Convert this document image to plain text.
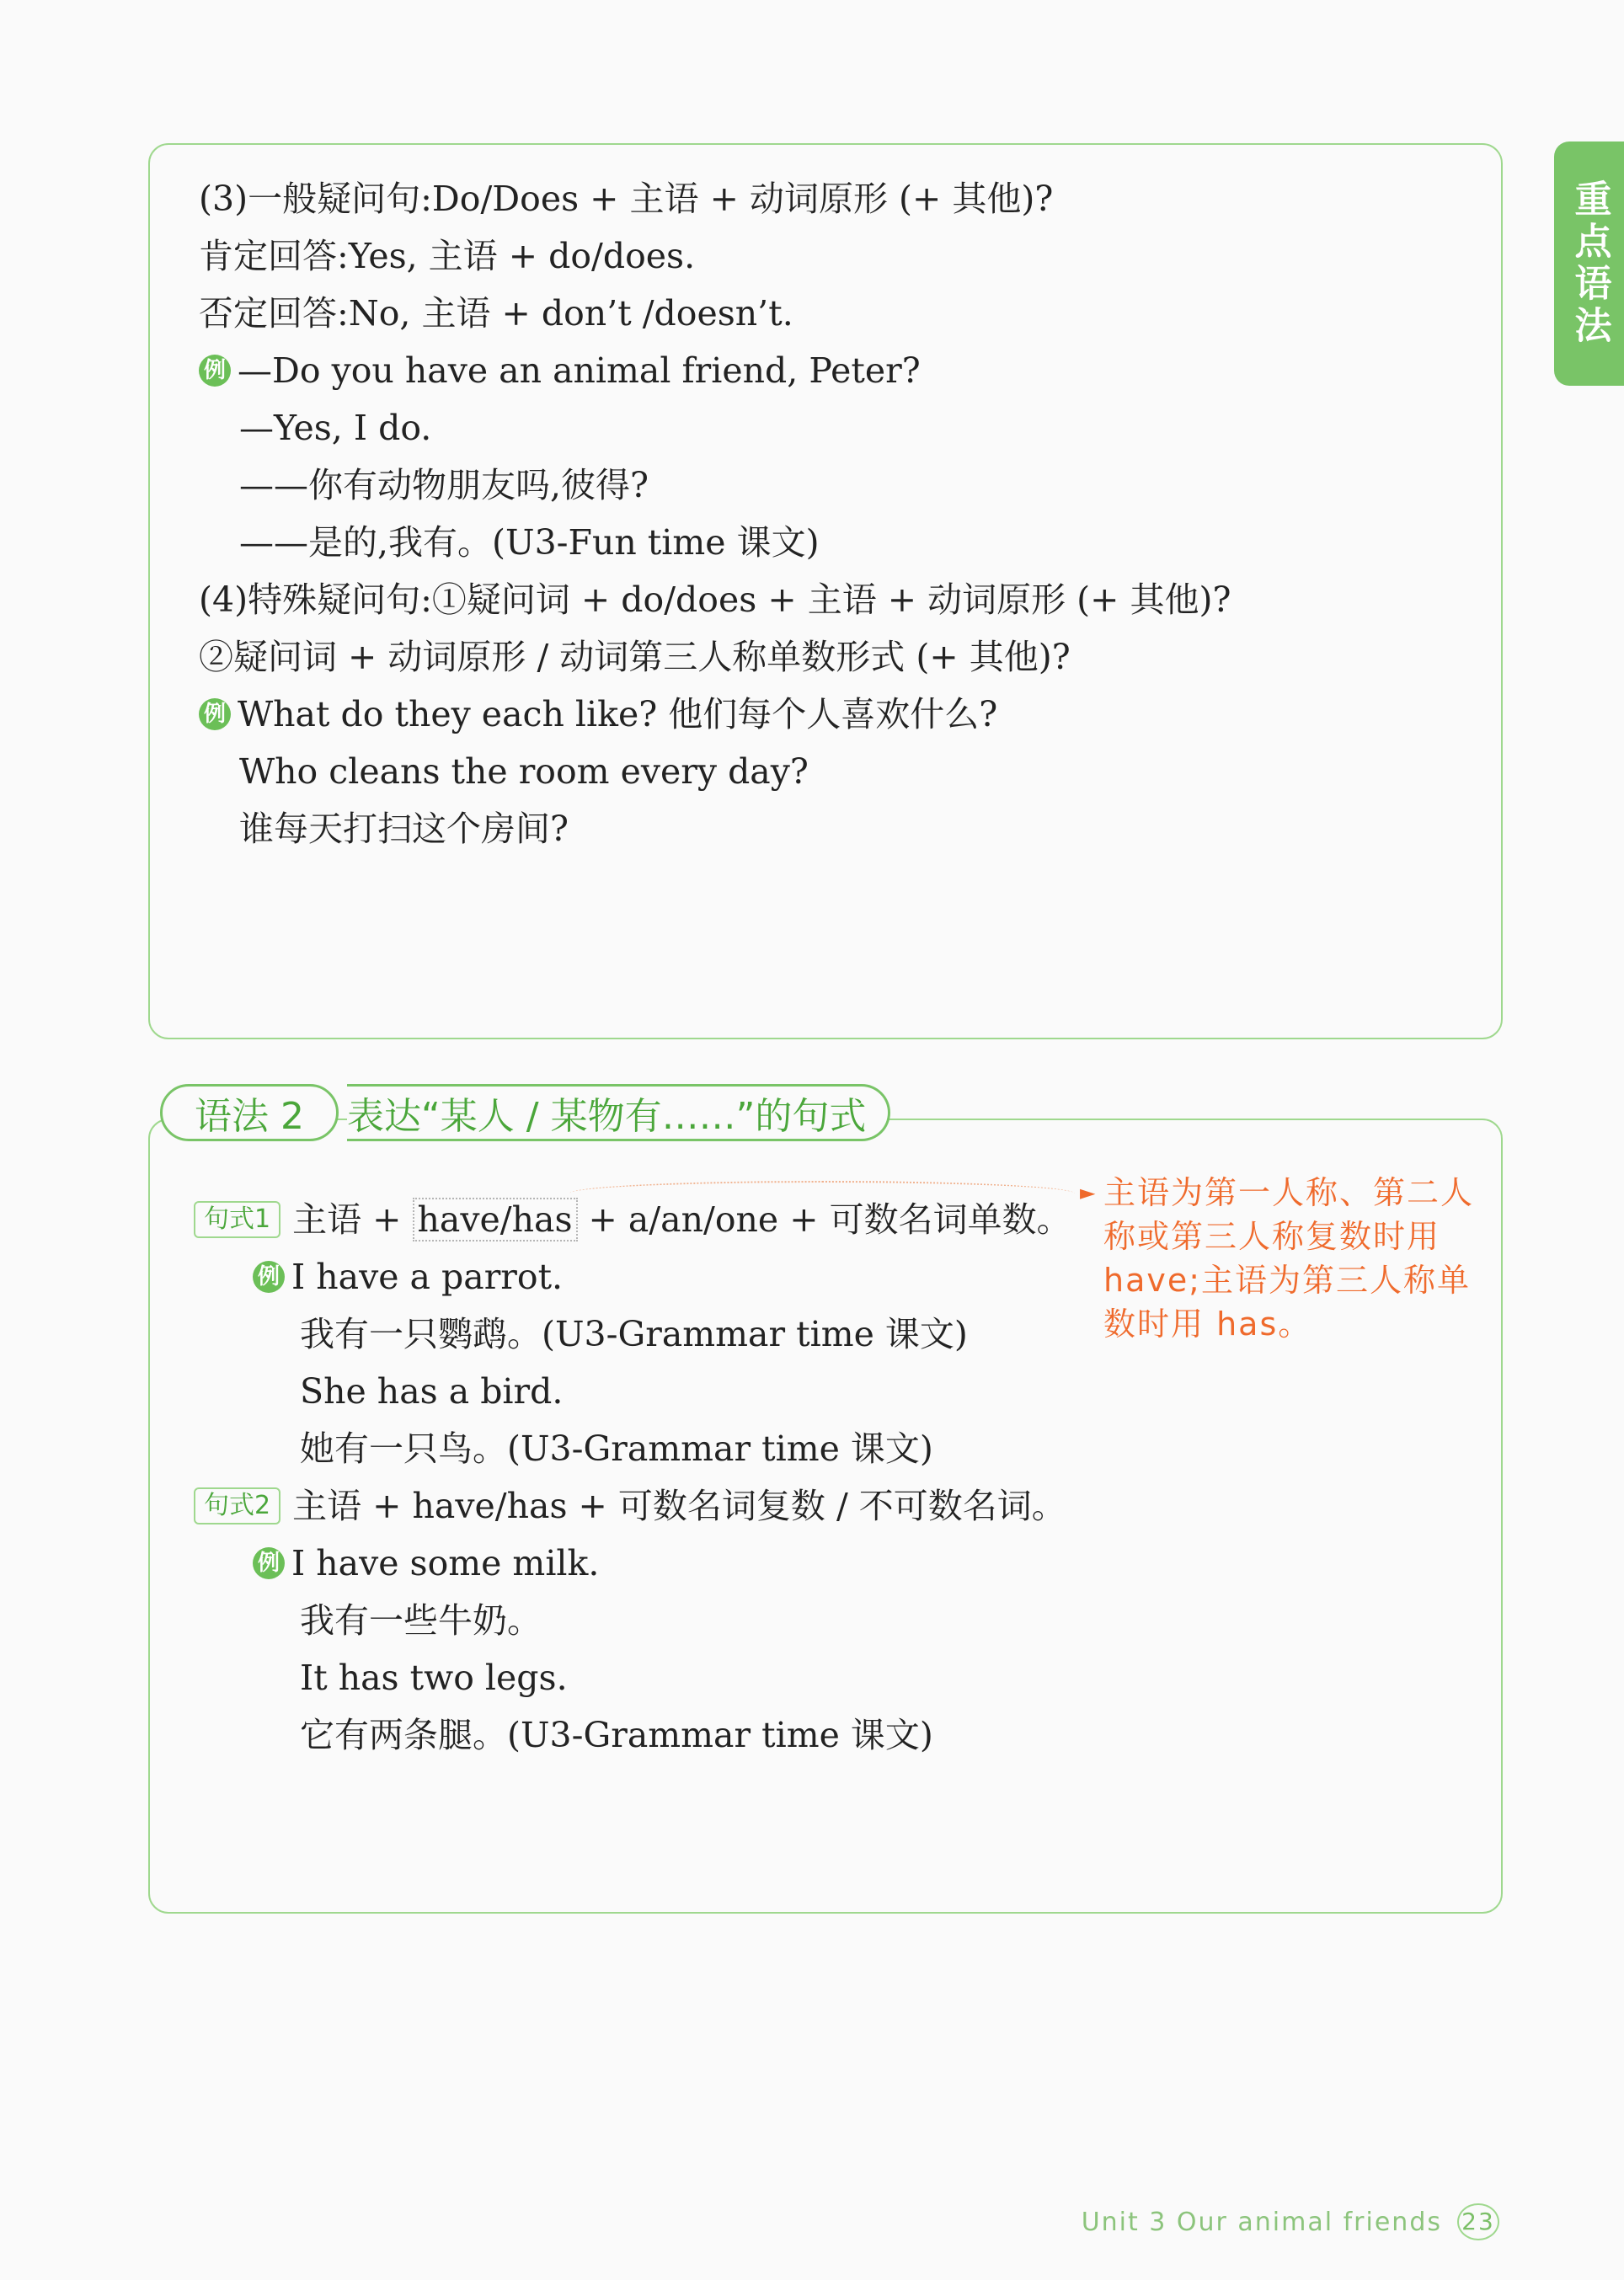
重点语法
(3)一般疑问句:Do/Does + 主语 + 动词原形 (+ 其他)?
肯定回答:Yes, 主语 + do/does.
否定回答:No, 主语 + don’t /doesn’t.
例 —Do you have an animal friend, Peter?
—Yes, I do.
——你有动物朋友吗,彼得?
——是的,我有。(U3-Fun time 课文)
(4)特殊疑问句:①疑问词 + do/does + 主语 + 动词原形 (+ 其他)?
②疑问词 + 动词原形 / 动词第三人称单数形式 (+ 其他)?
例 What do they each like? 他们每个人喜欢什么?
Who cleans the room every day?
谁每天打扫这个房间?
语法 2	表达“某人 / 某物有……”的句式
► 主语为第一人称、第二人称或第三人称复数时用 have;主语为第三人称单数时用 has。
句式1 主语 + have/has + a/an/one + 可数名词单数。
例 I have a parrot.
我有一只鹦鹉。(U3-Grammar time 课文)
She has a bird.
她有一只鸟。(U3-Grammar time 课文)
句式2 主语 + have/has + 可数名词复数 / 不可数名词。
例 I have some milk.
我有一些牛奶。
It has two legs.
它有两条腿。(U3-Grammar time 课文)
Unit 3 Our animal friends 23
